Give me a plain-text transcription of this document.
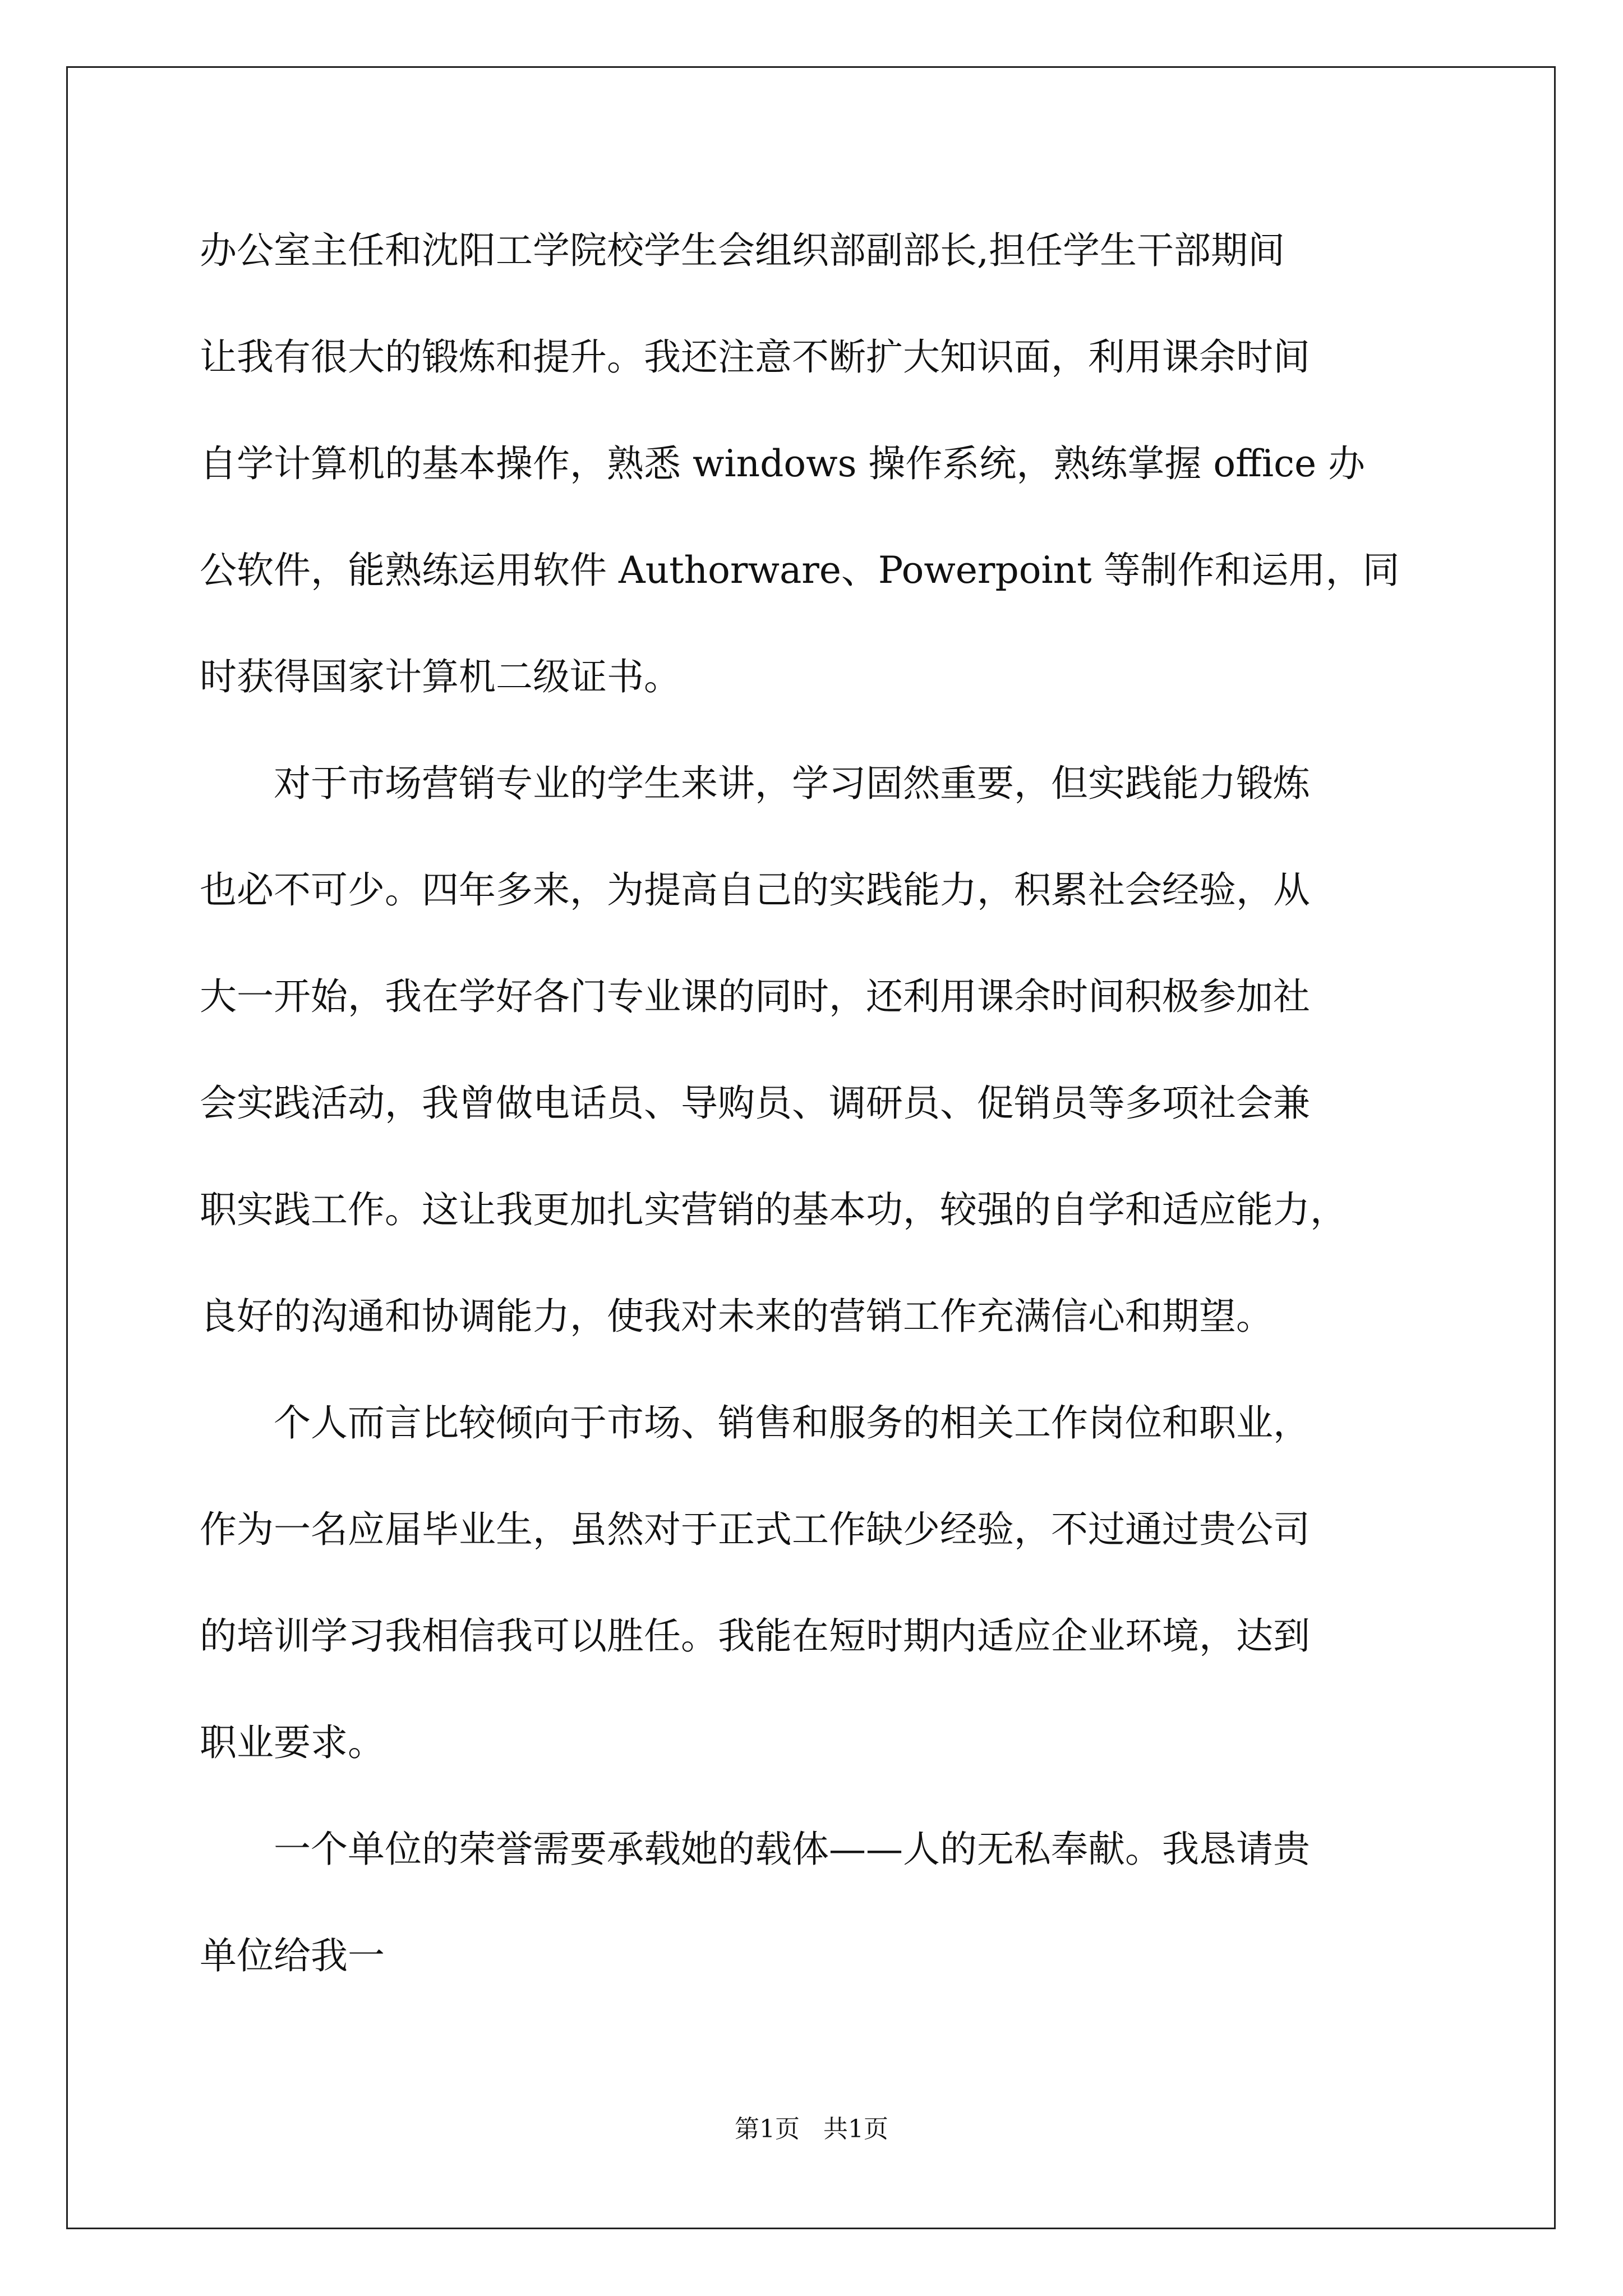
办公室主任和沈阳工学院校学生会组织部副部长,担任学生干部期间

让我有很大的锻炼和提升。我还注意不断扩大知识面，利用课余时间

自学计算机的基本操作，熟悉 windows 操作系统，熟练掌握 office 办

公软件，能熟练运用软件 Authorware、Powerpoint 等制作和运用，同

时获得国家计算机二级证书。

对于市场营销专业的学生来讲，学习固然重要，但实践能力锻炼

也必不可少。四年多来，为提高自己的实践能力，积累社会经验，从

大一开始，我在学好各门专业课的同时，还利用课余时间积极参加社

会实践活动，我曾做电话员、导购员、调研员、促销员等多项社会兼

职实践工作。这让我更加扎实营销的基本功，较强的自学和适应能力，

良好的沟通和协调能力，使我对未来的营销工作充满信心和期望。

个人而言比较倾向于市场、销售和服务的相关工作岗位和职业，

作为一名应届毕业生，虽然对于正式工作缺少经验，不过通过贵公司

的培训学习我相信我可以胜任。我能在短时期内适应企业环境，达到

职业要求。

一个单位的荣誉需要承载她的载体——人的无私奉献。我恳请贵

单位给我一

第1页   共1页
